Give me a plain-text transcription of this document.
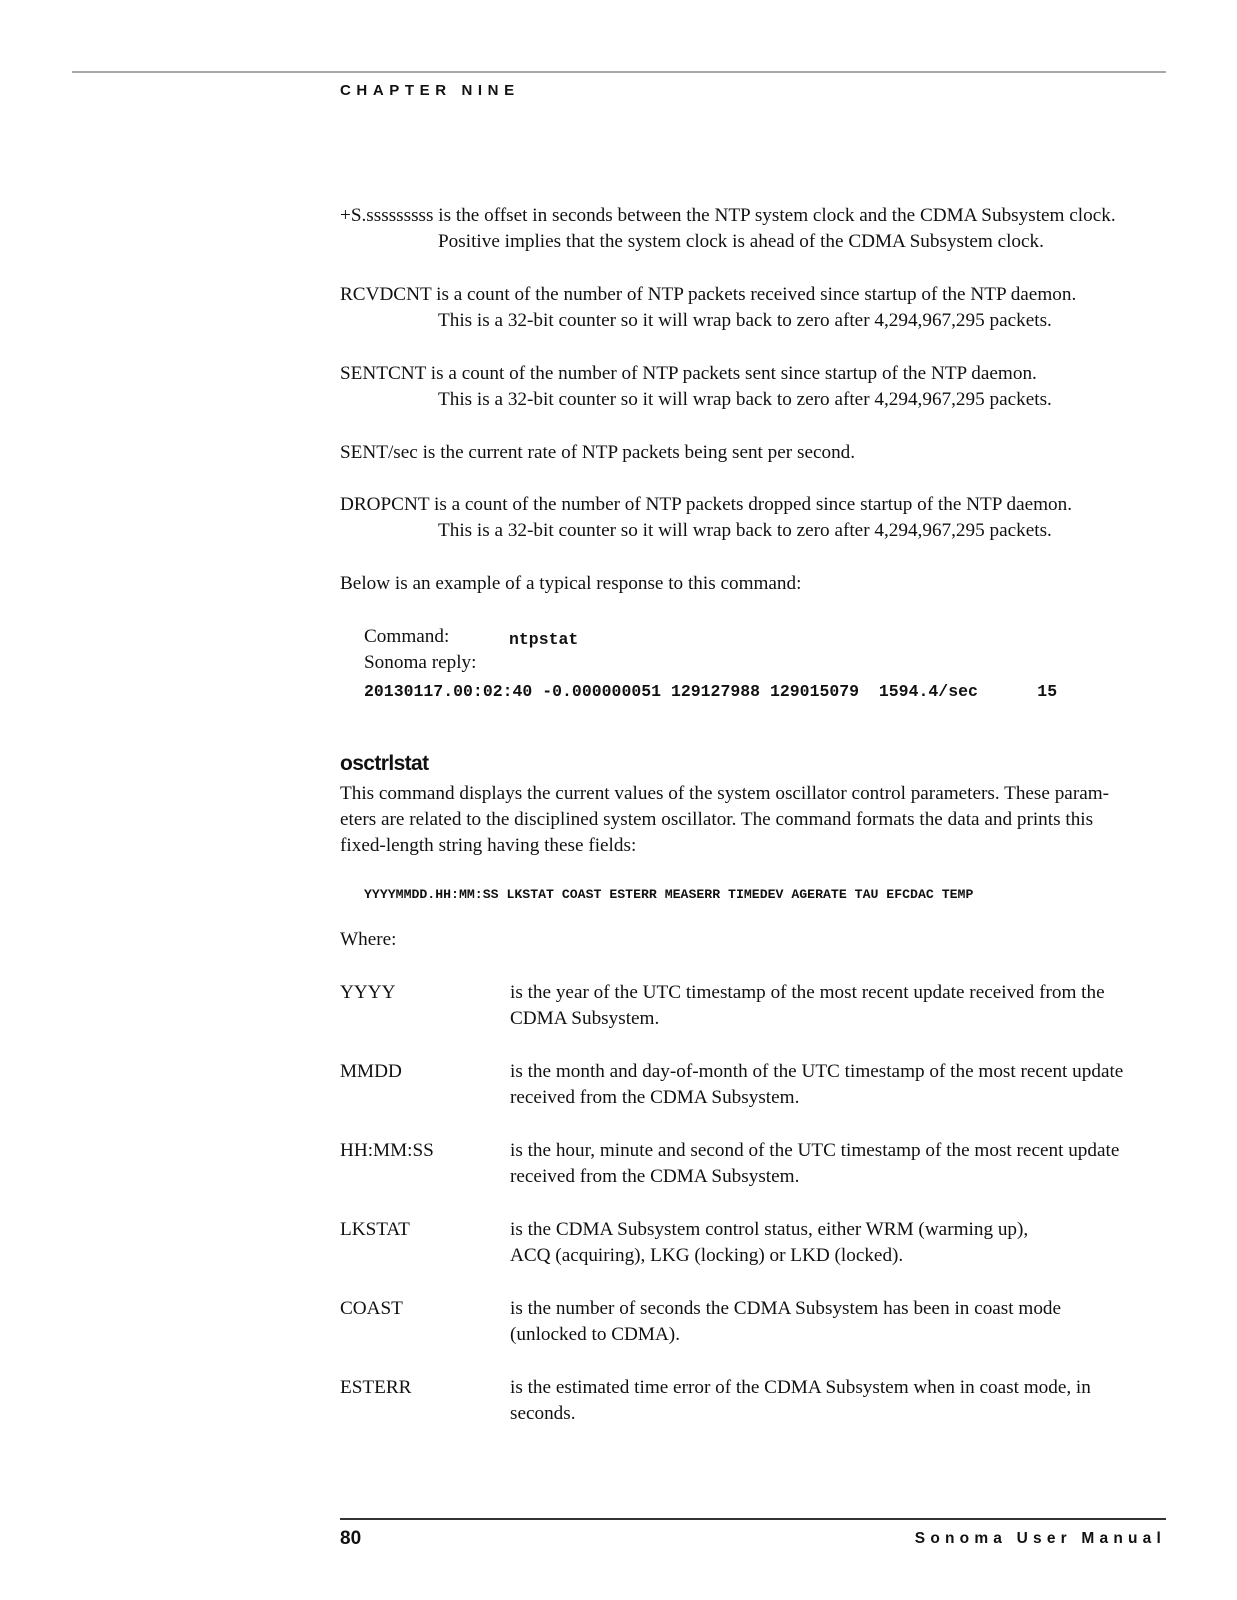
CHAPTER NINE
+S.sssssssss is the offset in seconds between the NTP system clock and the CDMA Subsystem clock.
Positive implies that the system clock is ahead of the CDMA Subsystem clock.
RCVDCNT is a count of the number of NTP packets received since startup of the NTP daemon.
This is a 32-bit counter so it will wrap back to zero after 4,294,967,295 packets.
SENTCNT is a count of the number of NTP packets sent since startup of the NTP daemon.
This is a 32-bit counter so it will wrap back to zero after 4,294,967,295 packets.
SENT/sec is the current rate of NTP packets being sent per second.
DROPCNT is a count of the number of NTP packets dropped since startup of the NTP daemon.
This is a 32-bit counter so it will wrap back to zero after 4,294,967,295 packets.
Below is an example of a typical response to this command:
Command:	ntpstat
Sonoma reply:
20130117.00:02:40 -0.000000051 129127988 129015079  1594.4/sec      15
osctrlstat
This command displays the current values of the system oscillator control parameters. These param-
eters are related to the disciplined system oscillator. The command formats the data and prints this
fixed-length string having these fields:
YYYYMMDD.HH:MM:SS LKSTAT COAST ESTERR MEASERR TIMEDEV AGERATE TAU EFCDAC TEMP
Where:
YYYY	is the year of the UTC timestamp of the most recent update received from the
CDMA Subsystem.
MMDD	is the month and day-of-month of the UTC timestamp of the most recent update
received from the CDMA Subsystem.
HH:MM:SS	is the hour, minute and second of the UTC timestamp of the most recent update
received from the CDMA Subsystem.
LKSTAT	is the CDMA Subsystem control status, either WRM (warming up),
ACQ (acquiring), LKG (locking) or LKD (locked).
COAST	is the number of seconds the CDMA Subsystem has been in coast mode
(unlocked to CDMA).
ESTERR	is the estimated time error of the CDMA Subsystem when in coast mode, in
seconds.
80	Sonoma User Manual
